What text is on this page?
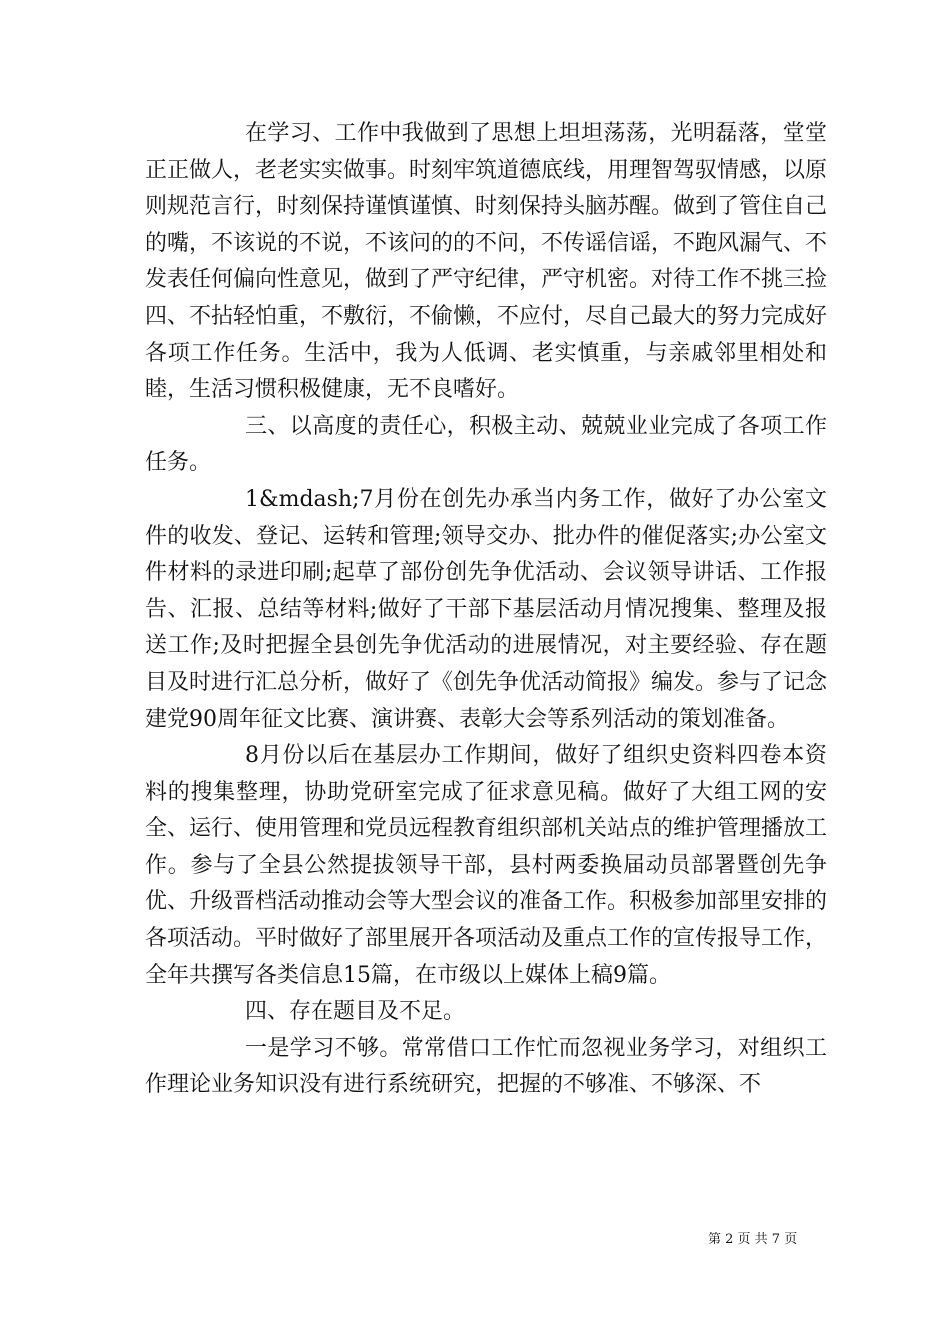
在学习、工作中我做到了思想上坦坦荡荡，光明磊落，堂堂正正做人，老老实实做事。时刻牢筑道德底线，用理智驾驭情感，以原则规范言行，时刻保持谨慎谨慎、时刻保持头脑苏醒。做到了管住自己的嘴，不该说的不说，不该问的的不问，不传谣信谣，不跑风漏气、不发表任何偏向性意见，做到了严守纪律，严守机密。对待工作不挑三捡四、不拈轻怕重，不敷衍，不偷懒，不应付，尽自己最大的努力完成好各项工作任务。生活中，我为人低调、老实慎重，与亲戚邻里相处和睦，生活习惯积极健康，无不良嗜好。

三、以高度的责任心，积极主动、兢兢业业完成了各项工作任务。

1&mdash;7月份在创先办承当内务工作，做好了办公室文件的收发、登记、运转和管理;领导交办、批办件的催促落实;办公室文件材料的录进印刷;起草了部份创先争优活动、会议领导讲话、工作报告、汇报、总结等材料;做好了干部下基层活动月情况搜集、整理及报送工作;及时把握全县创先争优活动的进展情况，对主要经验、存在题目及时进行汇总分析，做好了《创先争优活动简报》编发。参与了记念建党90周年征文比赛、演讲赛、表彰大会等系列活动的策划准备。

8月份以后在基层办工作期间，做好了组织史资料四卷本资料的搜集整理，协助党研室完成了征求意见稿。做好了大组工网的安全、运行、使用管理和党员远程教育组织部机关站点的维护管理播放工作。参与了全县公然提拔领导干部，县村两委换届动员部署暨创先争优、升级晋档活动推动会等大型会议的准备工作。积极参加部里安排的各项活动。平时做好了部里展开各项活动及重点工作的宣传报导工作，全年共撰写各类信息15篇，在市级以上媒体上稿9篇。

四、存在题目及不足。

一是学习不够。常常借口工作忙而忽视业务学习，对组织工作理论业务知识没有进行系统研究，把握的不够准、不够深、不

第 2 页 共 7 页
